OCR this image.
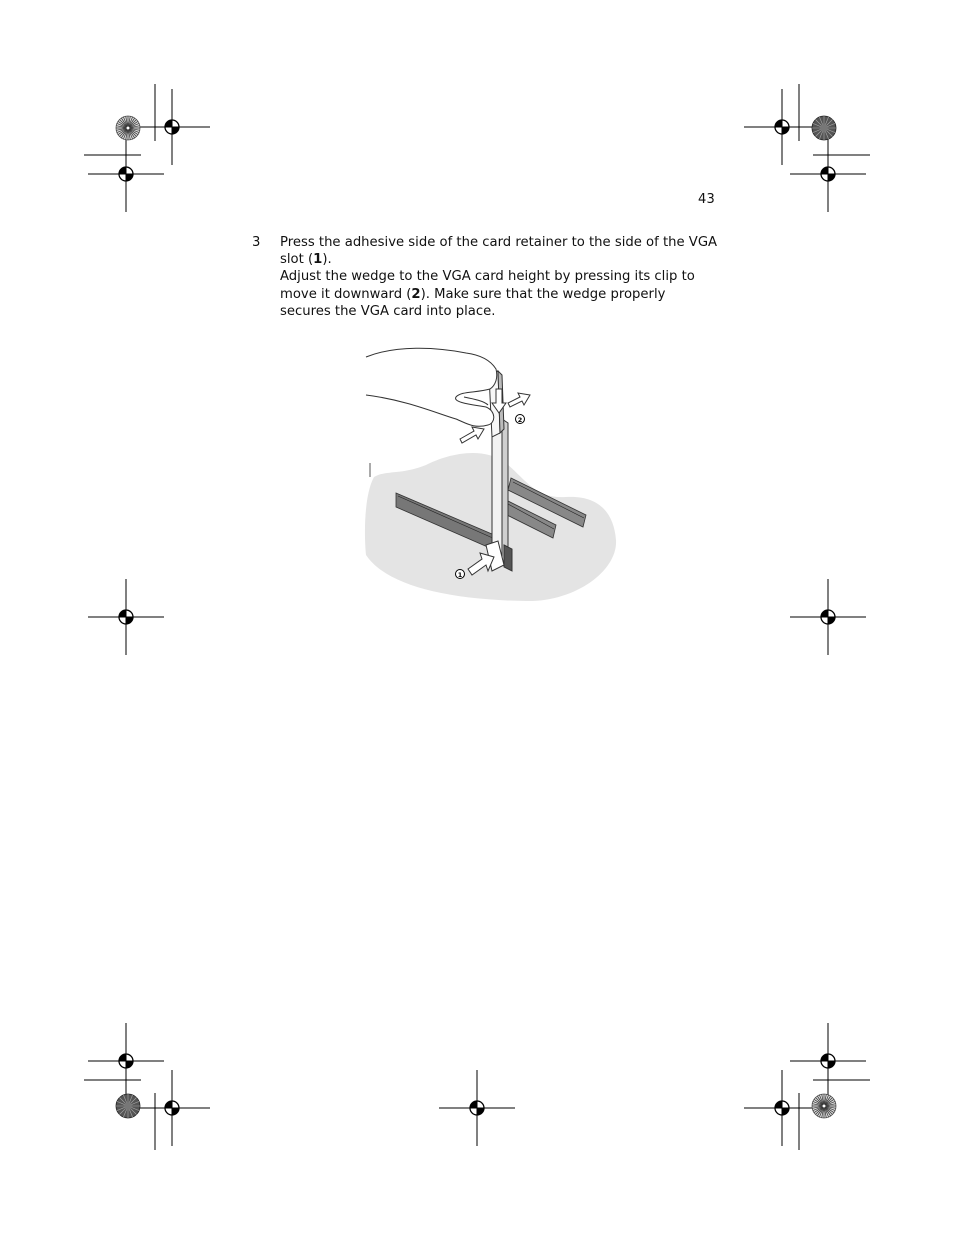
43
3 Press the adhesive side of the card retainer to the side of the VGA slot (1).

Adjust the wedge to the VGA card height by pressing its clip to move it downward (2). Make sure that the wedge properly secures the VGA card into place.

2
1
